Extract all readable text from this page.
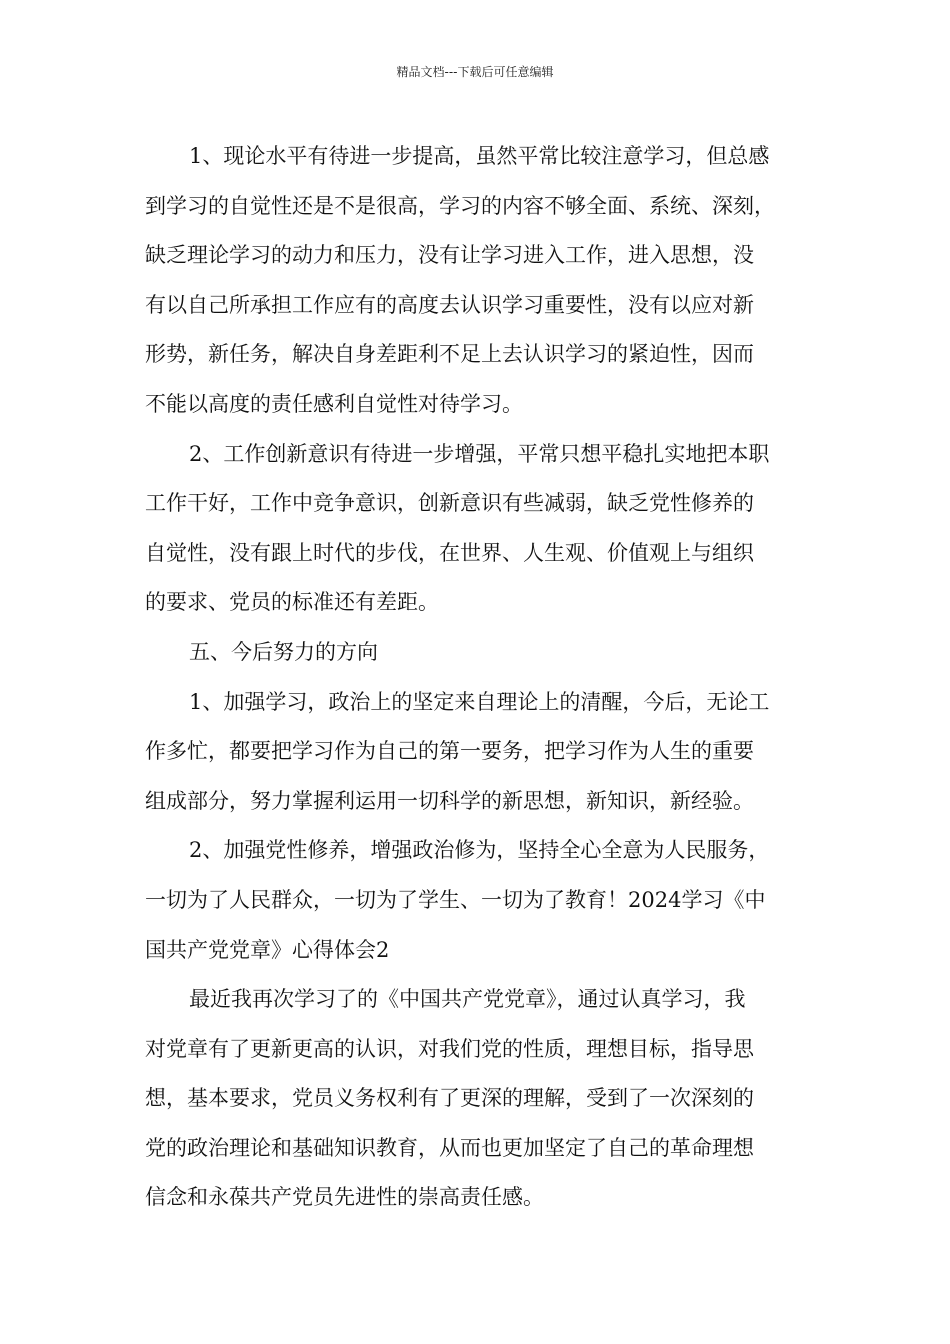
精品文档---下载后可任意编辑
1、现论水平有待进一步提高，虽然平常比较注意学习，但总感
到学习的自觉性还是不是很高，学习的内容不够全面、系统、深刻，
缺乏理论学习的动力和压力，没有让学习进入工作，进入思想，没
有以自己所承担工作应有的高度去认识学习重要性，没有以应对新
形势，新任务，解决自身差距利不足上去认识学习的紧迫性，因而
不能以高度的责任感利自觉性对待学习。
2、工作创新意识有待进一步增强，平常只想平稳扎实地把本职
工作干好，工作中竞争意识，创新意识有些减弱，缺乏党性修养的
自觉性，没有跟上时代的步伐，在世界、人生观、价值观上与组织
的要求、党员的标准还有差距。
五、今后努力的方向
1、加强学习，政治上的坚定来自理论上的清醒，今后，无论工
作多忙，都要把学习作为自己的第一要务，把学习作为人生的重要
组成部分，努力掌握利运用一切科学的新思想，新知识，新经验。
2、加强党性修养，增强政治修为，坚持全心全意为人民服务，
一切为了人民群众，一切为了学生、一切为了教育！2024学习《中
国共产党党章》心得体会2
最近我再次学习了的《中国共产党党章》，通过认真学习，我
对党章有了更新更高的认识，对我们党的性质，理想目标，指导思
想，基本要求，党员义务权利有了更深的理解，受到了一次深刻的
党的政治理论和基础知识教育，从而也更加坚定了自己的革命理想
信念和永葆共产党员先进性的崇高责任感。
